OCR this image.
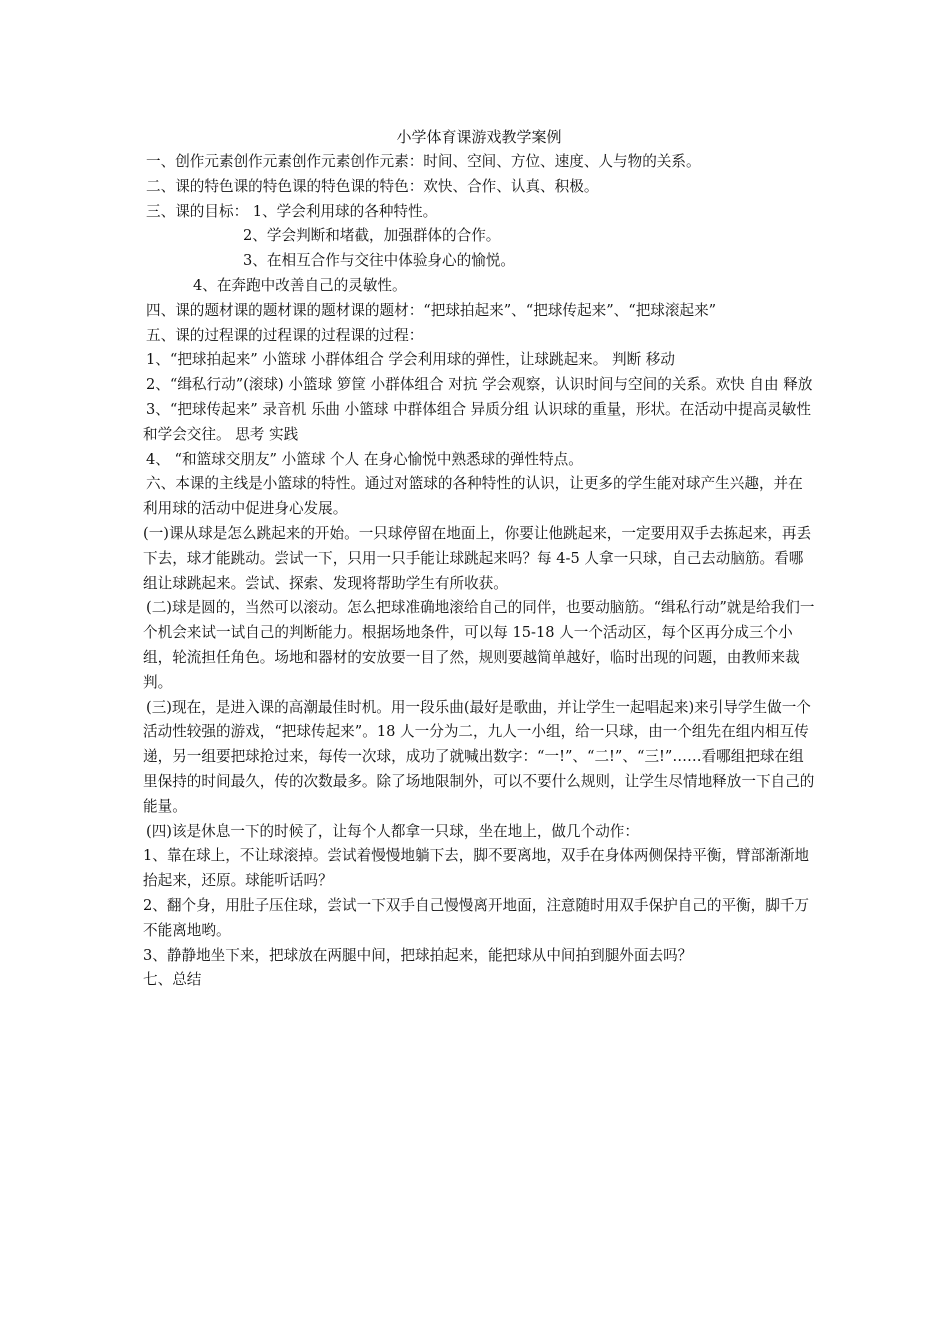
小学体育课游戏教学案例

一、创作元素创作元素创作元素创作元素：时间、空间、方位、速度、人与物的关系。

二、课的特色课的特色课的特色课的特色：欢快、合作、认真、积极。

三、课的目标： 1、学会利用球的各种特性。

2、学会判断和堵截，加强群体的合作。

3、在相互合作与交往中体验身心的愉悦。

4、在奔跑中改善自己的灵敏性。

四、课的题材课的题材课的题材课的题材：“把球拍起来”、“把球传起来”、“把球滚起来”

五、课的过程课的过程课的过程课的过程：

1、“把球拍起来” 小篮球 小群体组合 学会利用球的弹性，让球跳起来。 判断 移动

2、“缉私行动”(滚球) 小篮球 箩筐 小群体组合 对抗 学会观察，认识时间与空间的关系。欢快 自由 释放

3、“把球传起来” 录音机 乐曲 小篮球 中群体组合 异质分组 认识球的重量，形状。在活动中提高灵敏性和学会交往。 思考 实践

4、 “和篮球交朋友” 小篮球 个人 在身心愉悦中熟悉球的弹性特点。

六、本课的主线是小篮球的特性。通过对篮球的各种特性的认识，让更多的学生能对球产生兴趣，并在利用球的活动中促进身心发展。

(一)课从球是怎么跳起来的开始。一只球停留在地面上，你要让他跳起来，一定要用双手去拣起来，再丢下去，球才能跳动。尝试一下，只用一只手能让球跳起来吗？每 4-5 人拿一只球，自己去动脑筋。看哪组让球跳起来。尝试、探索、发现将帮助学生有所收获。

(二)球是圆的，当然可以滚动。怎么把球准确地滚给自己的同伴，也要动脑筋。“缉私行动”就是给我们一个机会来试一试自己的判断能力。根据场地条件，可以每 15-18 人一个活动区，每个区再分成三个小组，轮流担任角色。场地和器材的安放要一目了然，规则要越简单越好，临时出现的问题，由教师来裁判。

(三)现在，是进入课的高潮最佳时机。用一段乐曲(最好是歌曲，并让学生一起唱起来)来引导学生做一个活动性较强的游戏，“把球传起来”。18 人一分为二，九人一小组，给一只球，由一个组先在组内相互传递，另一组要把球抢过来，每传一次球，成功了就喊出数字：“一!”、“二!”、“三!”……看哪组把球在组里保持的时间最久，传的次数最多。除了场地限制外，可以不要什么规则，让学生尽情地释放一下自己的能量。

(四)该是休息一下的时候了，让每个人都拿一只球，坐在地上，做几个动作：

1、靠在球上，不让球滚掉。尝试着慢慢地躺下去，脚不要离地，双手在身体两侧保持平衡，臂部渐渐地抬起来，还原。球能听话吗？

2、翻个身，用肚子压住球，尝试一下双手自己慢慢离开地面，注意随时用双手保护自己的平衡，脚千万不能离地哟。

3、静静地坐下来，把球放在两腿中间，把球拍起来，能把球从中间拍到腿外面去吗？

七、总结
